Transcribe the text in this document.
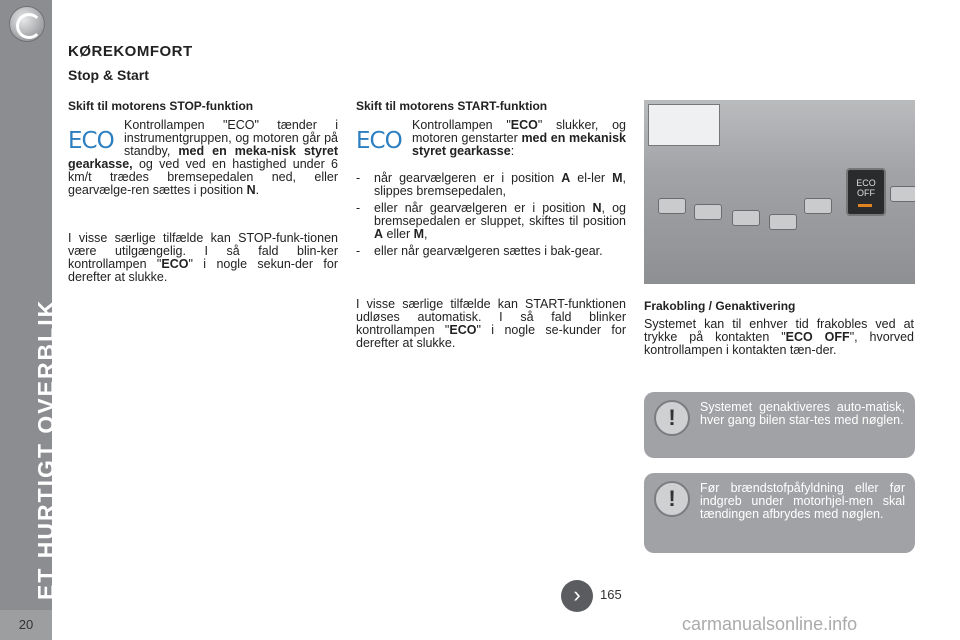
ET HURTIGT OVERBLIK
20
KØREKOMFORT
Stop & Start
Skift til motorens STOP-funktion
ECO
Kontrollampen "ECO" tænder i instrumentgruppen, og motoren går på standby, med en meka-nisk styret gearkasse, og ved ved en hastighed under 6 km/t trædes bremsepedalen ned, eller gearvælge-ren sættes i position N.
I visse særlige tilfælde kan STOP-funk-tionen være utilgængelig. I så fald blin-ker kontrollampen "ECO" i nogle sekun-der for derefter at slukke.
Skift til motorens START-funktion
ECO
Kontrollampen "ECO" slukker, og motoren genstarter med en mekanisk styret gearkasse:
- når gearvælgeren er i position A el-ler M, slippes bremsepedalen,
- eller når gearvælgeren er i position N, og bremsepedalen er sluppet, skiftes til position A eller M,
- eller når gearvælgeren sættes i bak-gear.
I visse særlige tilfælde kan START-funktionen udløses automatisk. I så fald blinker kontrollampen "ECO" i nogle se-kunder for derefter at slukke.
ECO OFF
Frakobling / Genaktivering
Systemet kan til enhver tid frakobles ved at trykke på kontakten "ECO OFF", hvorved kontrollampen i kontakten tæn-der.
!	Systemet genaktiveres auto-matisk, hver gang bilen star-tes med nøglen.
!	Før brændstofpåfyldning eller før indgreb under motorhjel-men skal tændingen afbrydes med nøglen.
›	165
carmanualsonline.info
